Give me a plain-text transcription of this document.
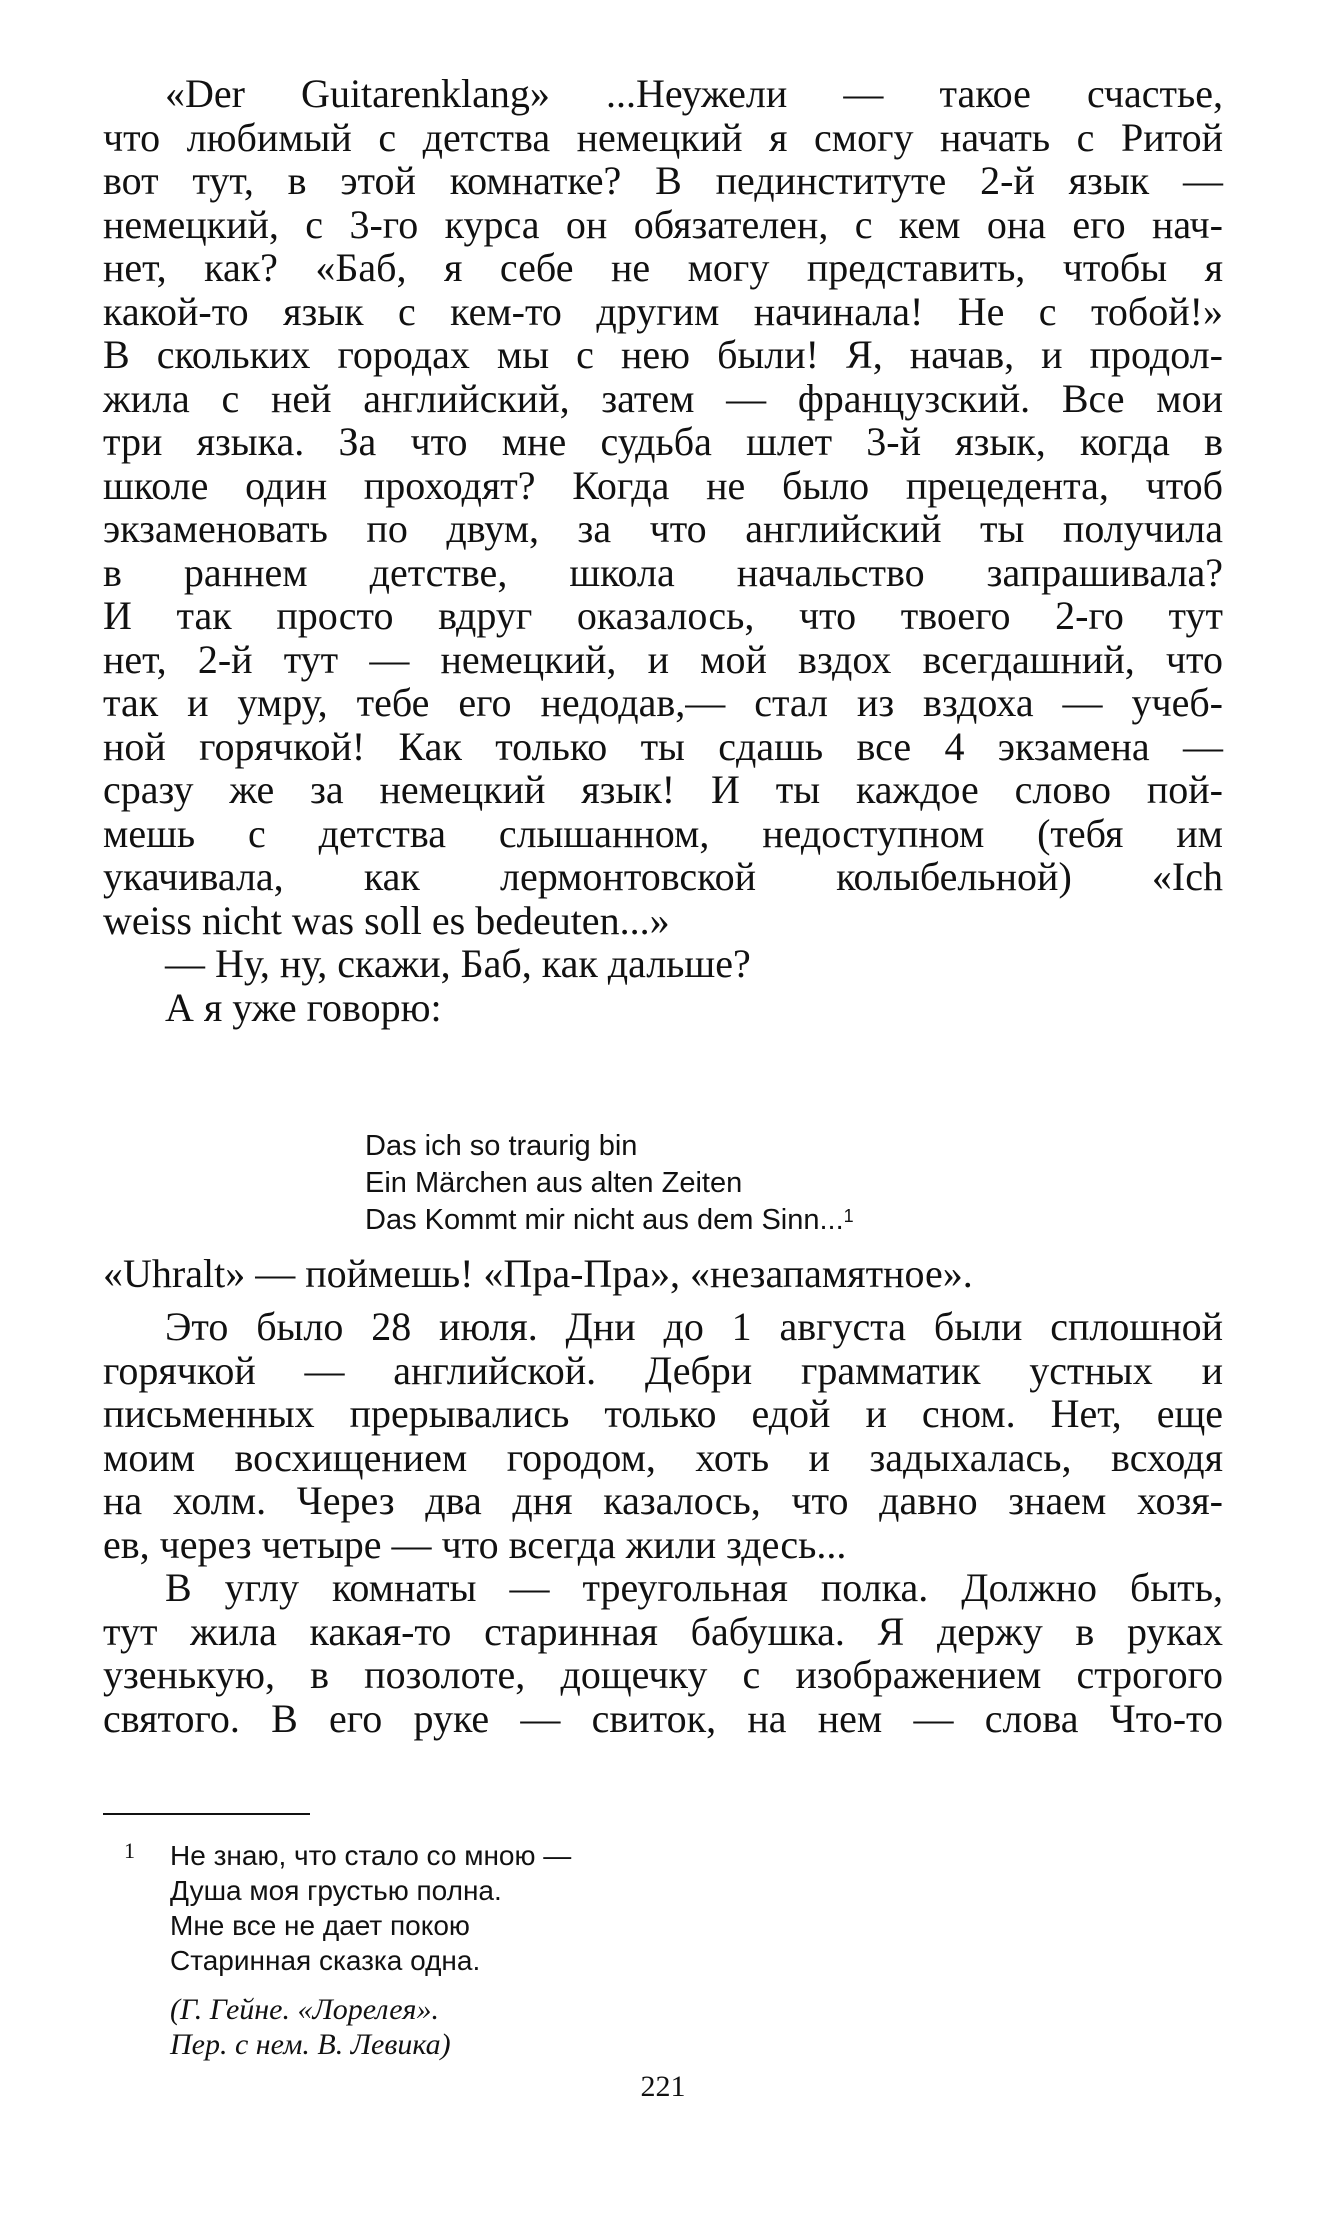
«Der Guitarenklang» ...Неужели — такое счастье,
что любимый с детства немецкий я смогу начать с Ритой
вот тут, в этой комнатке? В пединституте 2-й язык —
немецкий, с 3-го курса он обязателен, с кем она его нач-
нет, как? «Баб, я себе не могу представить, чтобы я
какой-то язык с кем-то другим начинала! Не с тобой!»
В скольких городах мы с нею были! Я, начав, и продол-
жила с ней английский, затем — французский. Все мои
три языка. За что мне судьба шлет 3-й язык, когда в
школе один проходят? Когда не было прецедента, чтоб
экзаменовать по двум, за что английский ты получила
в раннем детстве, школа начальство запрашивала?
И так просто вдруг оказалось, что твоего 2-го тут
нет, 2-й тут — немецкий, и мой вздох всегдашний, что
так и умру, тебе его недодав,— стал из вздоха — учеб-
ной горячкой! Как только ты сдашь все 4 экзамена —
сразу же за немецкий язык! И ты каждое слово пой-
мешь с детства слышанном, недоступном (тебя им
укачивала, как лермонтовской колыбельной) «Ich
weiss nicht was soll es bedeuten...»
— Ну, ну, скажи, Баб, как дальше?
А я уже говорю:
Das ich so traurig bin
Ein Märchen aus alten Zeiten
Das Kommt mir nicht aus dem Sinn...$^1$
«Uhralt» — поймешь! «Пра-Пра», «незапамятное».
Это было 28 июля. Дни до 1 августа были сплошной
горячкой — английской. Дебри грамматик устных и
письменных прерывались только едой и сном. Нет, еще
моим восхищением городом, хоть и задыхалась, всходя
на холм. Через два дня казалось, что давно знаем хозя-
ев, через четыре — что всегда жили здесь...
В углу комнаты — треугольная полка. Должно быть,
тут жила какая-то старинная бабушка. Я держу в руках
узенькую, в позолоте, дощечку с изображением строгого
святого. В его руке — свиток, на нем — слова Что-то
1 Не знаю, что стало со мною —
Душа моя грустью полна.
Мне все не дает покою
Старинная сказка одна.
(Г. Гейне. «Лорелея».
Пер. с нем. В. Левика)
221
